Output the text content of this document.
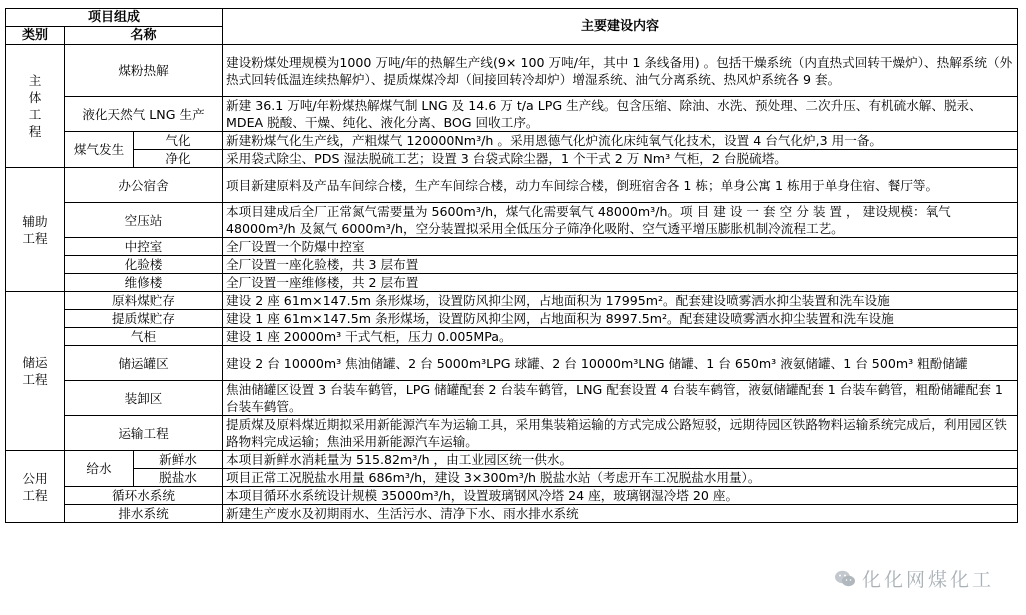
项目组成			主要建设内容
类别	名称		
主体工程	煤粉热解		建设粉煤处理规模为1000 万吨/年的热解生产线(9× 100 万吨/年，其中 1 条线备用) 。包括干燥系统（内直热式回转干燥炉）、热解系统（外热式回转低温连续热解炉）、提质煤煤冷却（间接回转冷却炉）增湿系统、油气分离系统、热风炉系统各 9 套。
	液化天然气 LNG 生产		新建 36.1 万吨/年粉煤热解煤气制 LNG 及 14.6 万 t/a LPG 生产线。包含压缩、除油、水洗、预处理、二次升压、有机硫水解、脱汞、MDEA 脱酸、干燥、纯化、液化分离、BOG 回收工序。
	煤气发生	气化	新建粉煤气化生产线，产粗煤气 120000Nm³/h 。采用恩德气化炉流化床纯氧气化技术，设置 4 台气化炉,3 用一备。
		净化	采用袋式除尘、PDS 湿法脱硫工艺；设置 3 台袋式除尘器，1 个干式 2 万 Nm³ 气柜，2 台脱硫塔。
辅助工程	办公宿舍		项目新建原料及产品车间综合楼，生产车间综合楼，动力车间综合楼，倒班宿舍各 1 栋；单身公寓 1 栋用于单身住宿、餐厅等。
	空压站		本项目建成后全厂正常氮气需要量为 5600m³/h，煤气化需要氧气 48000m³/h。项 目 建 设 一 套 空 分 装 置 ， 建设规模：氧气 48000m³/h 及氮气 6000m³/h，空分装置拟采用全低压分子筛净化吸附、空气透平增压膨胀机制冷流程工艺。
	中控室		全厂设置一个防爆中控室
	化验楼		全厂设置一座化验楼，共 3 层布置
	维修楼		全厂设置一座维修楼，共 2 层布置
储运工程	原料煤贮存		建设 2 座 61m×147.5m 条形煤场，设置防风抑尘网，占地面积为 17995m²。配套建设喷雾洒水抑尘装置和洗车设施
	提质煤贮存		建设 1 座 61m×147.5m 条形煤场，设置防风抑尘网，占地面积为 8997.5m²。配套建设喷雾洒水抑尘装置和洗车设施
	气柜		建设 1 座 20000m³ 干式气柜，压力 0.005MPa。
	储运罐区		建设 2 台 10000m³ 焦油储罐、2 台 5000m³LPG 球罐、2 台 10000m³LNG 储罐、1 台 650m³ 液氨储罐、1 台 500m³ 粗酚储罐
	装卸区		焦油储罐区设置 3 台装车鹤管，LPG 储罐配套 2 台装车鹤管，LNG 配套设置 4 台装车鹤管，液氨储罐配套 1 台装车鹤管，粗酚储罐配套 1 台装车鹤管。
	运输工程		提质煤及原料煤近期拟采用新能源汽车为运输工具，采用集装箱运输的方式完成公路短驳，远期待园区铁路物料运输系统完成后，利用园区铁路物料完成运输；焦油采用新能源汽车运输。
公用工程	给水	新鲜水	本项目新鲜水消耗量为 515.82m³/h ，由工业园区统一供水。
		脱盐水	项目正常工况脱盐水用量 686m³/h，建设 3×300m³/h 脱盐水站（考虑开车工况脱盐水用量）。
	循环水系统		本项目循环水系统设计规模 35000m³/h，设置玻璃钢风冷塔 24 座，玻璃钢湿冷塔 20 座。
	排水系统		新建生产废水及初期雨水、生活污水、清净下水、雨水排水系统
化化网煤化工
